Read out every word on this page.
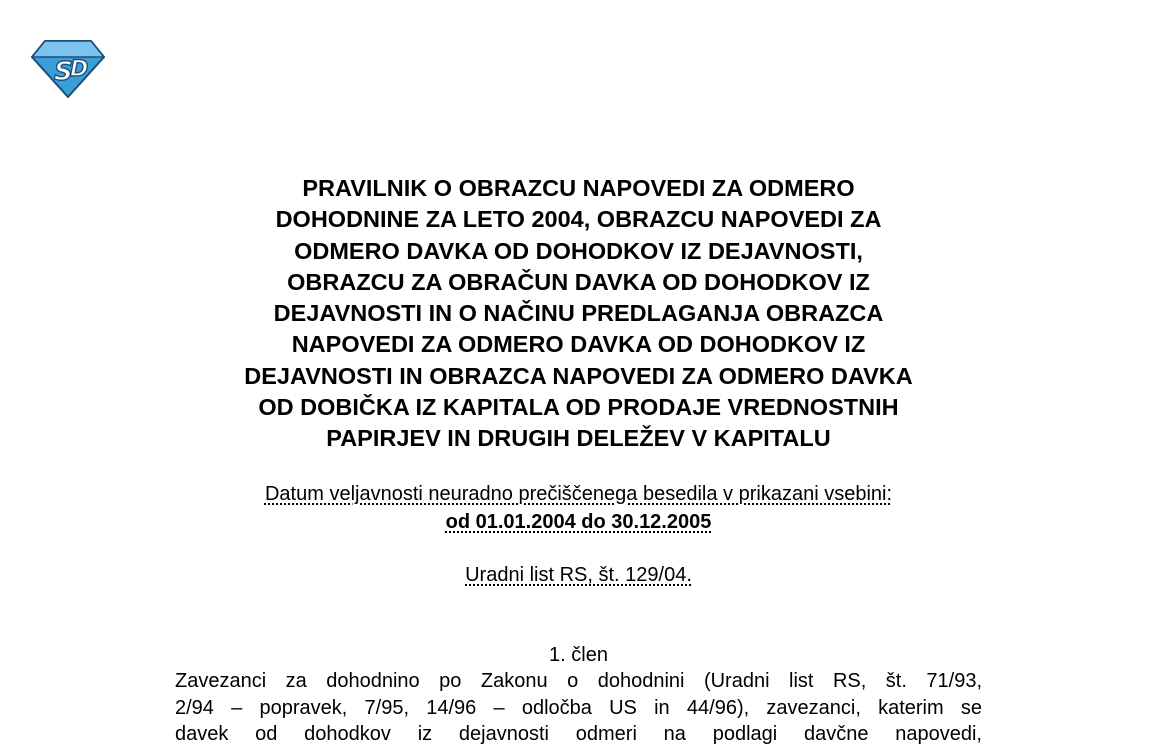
S
D
PRAVILNIK O OBRAZCU NAPOVEDI ZA ODMERO
DOHODNINE ZA LETO 2004, OBRAZCU NAPOVEDI ZA
ODMERO DAVKA OD DOHODKOV IZ DEJAVNOSTI,
OBRAZCU ZA OBRAČUN DAVKA OD DOHODKOV IZ
DEJAVNOSTI IN O NAČINU PREDLAGANJA OBRAZCA
NAPOVEDI ZA ODMERO DAVKA OD DOHODKOV IZ
DEJAVNOSTI IN OBRAZCA NAPOVEDI ZA ODMERO DAVKA
OD DOBIČKA IZ KAPITALA OD PRODAJE VREDNOSTNIH
PAPIRJEV IN DRUGIH DELEŽEV V KAPITALU
Datum veljavnosti neuradno prečiščenega besedila v prikazani vsebini:
od 01.01.2004 do 30.12.2005
Uradni list RS, št. 129/04.
1. člen
Zavezanci za dohodnino po Zakonu o dohodnini (Uradni list RS, št. 71/93,
2/94 – popravek, 7/95, 14/96 – odločba US in 44/96), zavezanci, katerim se
davek od dohodkov iz dejavnosti odmeri na podlagi davčne napovedi,
